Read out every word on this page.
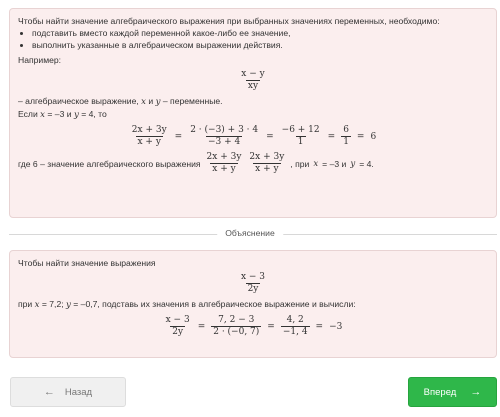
Чтобы найти значение алгебраического выражения при выбранных значениях переменных, необходимо:
• подставить вместо каждой переменной какое-либо ее значение,
• выполнить указанные в алгебраическом выражении действия.
Например:
$\frac{x - y}{xy}$
– алгебраическое выражение, x и y – переменные.
Если x = –3 и y = 4, то
$\frac{2x + 3y}{x + y} = \frac{2 \cdot (-3) + 3 \cdot 4}{-3 + 4} = \frac{-6 + 12}{1} = \frac{6}{1} = 6$
где 6 – значение алгебраического выражения $\frac{2x + 3y}{x + y} \frac{2x + 3y}{x + y}$ , при x = –3 и y = 4.
Объяснение
Чтобы найти значение выражения
$\frac{x - 3}{2y}$
при x = 7,2; y = –0,7, подставь их значения в алгебраическое выражение и вычисли:
$\frac{x - 3}{2y} = \frac{7, 2 - 3}{2 \cdot (-0, 7)} = \frac{4, 2}{-1, 4} = -3$
← Назад	Вперед →
